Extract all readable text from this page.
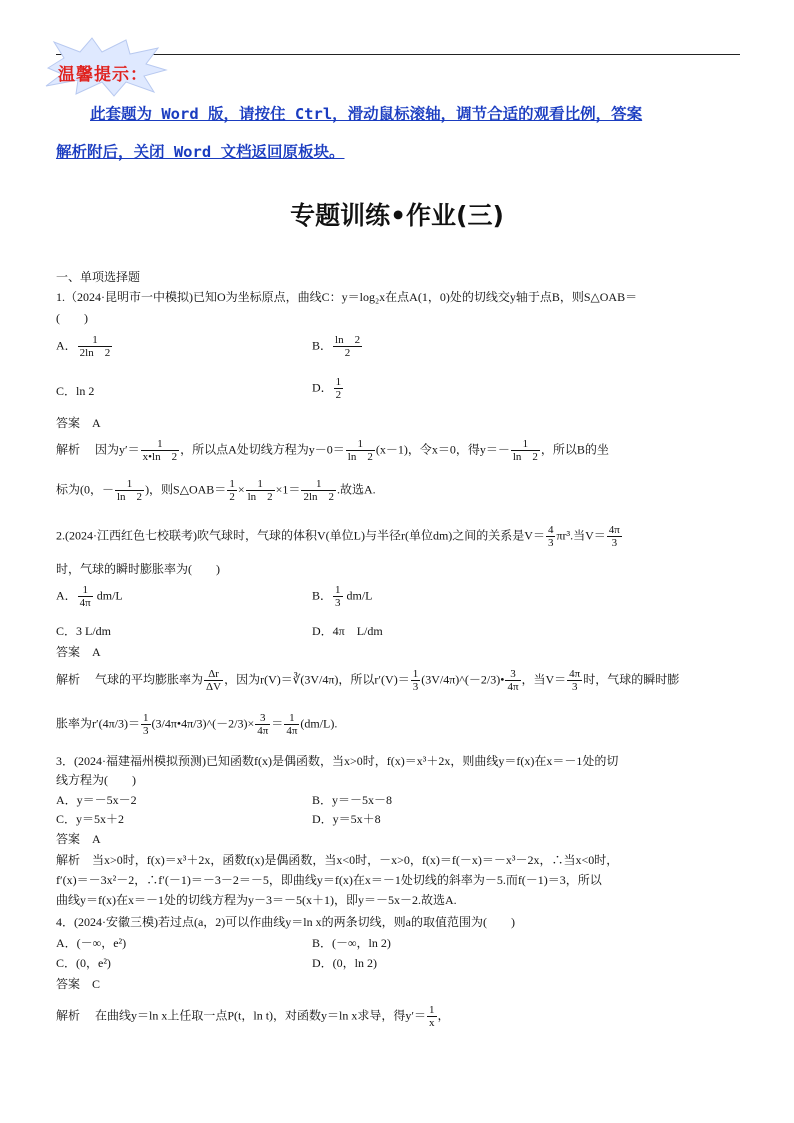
温馨提示：
此套题为 Word 版，请按住 Ctrl，滑动鼠标滚轴，调节合适的观看比例，答案
解析附后，关闭 Word 文档返回原板块。
专题训练•作业(三)
一、单项选择题
1.（2024·昆明市一中模拟)已知O为坐标原点，曲线C：y＝log₂x在点A(1，0)处的切线交y轴于点B，则S△OAB＝
(　　)
A． $\frac{1}{2\ln 2}$	B． $\frac{\ln 2}{2}$
C．ln 2	D． $\frac{1}{2}$
答案　 A
解析　 因为$y'= \frac{1}{x•\ln 2}$ ，所以点A处切线方程为$y-0= \frac{1}{\ln 2} (x-1)$，令x＝0，得$y=- \frac{1}{\ln 2}$ ，所以B的坐
标为(0，－ $\frac{1}{\ln 2}$ )，则S△OAB＝ $\frac{1}{2} \times \frac{1}{\ln 2} \times 1= \frac{1}{2\ln 2}$ .故选A.
2.(2024·江西红色七校联考)吹气球时，气球的体积V(单位L)与半径r(单位dm)之间的关系是$V= \frac{4}{3} \pi r^3$.当$V= \frac{4\pi}{3}$
时，气球的瞬时膨胀率为(　　)
A． $\frac{1}{4\pi} dm/L$	B． $\frac{1}{3} dm/L$
C．3 L/dm	D．4π　L/dm
答案　 A
解析　 气球的平均膨胀率为 $\frac{\Delta r}{\Delta V}$ ，因为r(V)＝∛(3V/4π)，所以$r'(V)= \frac{1}{3}$ (3V/4π)^(－2/3)• $\frac{3}{4\pi}$ ，当$V= \frac{4\pi}{3}$ 时，气球的瞬时膨
胀率为$r'(4\pi/3)= \frac{1}{3}$ (3/4π•4π/3)^(－2/3)× $\frac{3}{4\pi} = \frac{1}{4\pi} (dm/L)$.
3．(2024·福建福州模拟预测)已知函数f(x)是偶函数，当x>0时，f(x)＝x³＋2x，则曲线y＝f(x)在x＝－1处的切
线方程为(　　)
A．y＝－5x－2	B．y＝－5x－8
C．y＝5x＋2	D．y＝5x＋8
答案　 A
解析　 当x>0时，f(x)＝x³＋2x，函数f(x)是偶函数，当x<0时，－x>0，f(x)＝f(－x)＝－x³－2x，∴当x<0时，
f′(x)＝－3x²－2，∴f′(－1)＝－3－2＝－5，即曲线y＝f(x)在x＝－1处切线的斜率为－5.而f(－1)＝3，所以
曲线y＝f(x)在x＝－1处的切线方程为y－3＝－5(x＋1)，即y＝－5x－2.故选A.
4．(2024·安徽三模)若过点(a，2)可以作曲线y＝ln x的两条切线，则a的取值范围为(　　)
A．(－∞，e²)	B．(－∞，ln 2)
C．(0，e²)	D．(0，ln 2)
答案　 C
解析　 在曲线y＝ln x上任取一点P(t，ln t)，对函数y＝ln x求导，得$y'= \frac{1}{x}$ ，
